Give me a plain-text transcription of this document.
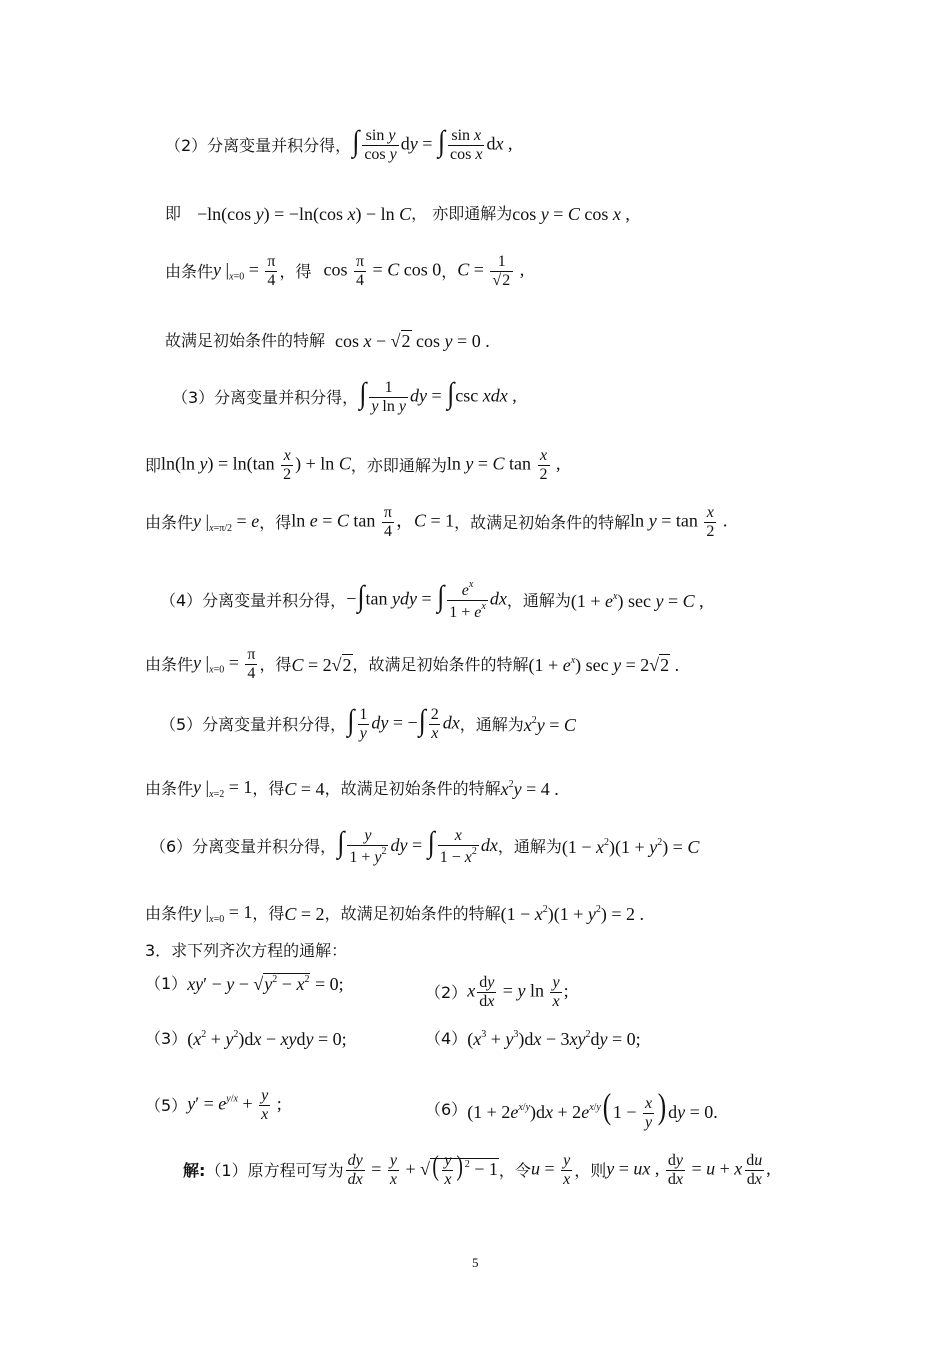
（2）分离变量并积分得， ∫ $\frac{\text{sin y}}{\text{cos y}}$ dy = ∫ $\frac{\text{sin x}}{\text{cos x}}$ dx ,
即 −ln(cos y) = −ln(cos x) − ln C ， 亦即通解为 cos y = C cos x ,
由条件 y $|_{x=0} = \frac{\pi}{4}$ ，得 $\cos \frac{\pi}{4} = C$ cos 0 ， $C = \frac{1}{√2}$ ,
故满足初始条件的特解 cos x − √2 cos y = 0 .
（3）分离变量并积分得， ∫ $\frac{1}{\text{y ln y}}$ dy = ∫csc xdx ,
即 ln(ln $y) = \ln(\tan \frac{x}{2}$ ) + ln C ，亦即通解为 ln y = C $\tan \frac{x}{2}$ ,
由条件 y $|_{x=\pi/2} = e$ ，得 ln e = C $\tan \frac{\pi}{4}$ ，C = 1 ，故满足初始条件的特解 $\ln y = \tan \frac{x}{2}$ .
（4）分离变量并积分得， −∫tan ydy = ∫ $\frac{e^x}{1 + e^x}$ dx ，通解为 $(1 + e^x)$ sec y = C ,
由条件 y $|_{x=0} = \frac{\pi}{4}$ ，得 C = 2√2 ，故满足初始条件的特解 $(1 + e^x)$ sec y = 2√2 .
（5）分离变量并积分得， ∫ $\frac{1}{y}$ dy = −∫ $\frac{2}{x}$ dx ，通解为 $x^2y = C$
由条件 y $|_{x=2} = 1$ ，得 C = 4 ，故满足初始条件的特解 $x^2y = 4$ .
（6）分离变量并积分得， ∫ $\frac{y}{1 + y^2}$ dy = ∫ $\frac{x}{1 - x^2}$ dx ，通解为 $(1 - x^2)(1 + y^2) = C$
由条件 y $|_{x=0} = 1$ ，得 C = 2 ，故满足初始条件的特解 $(1 - x^2)(1 + y^2) = 2$ .
3．求下列齐次方程的通解：
（1） $xy' - y - √y^2 - x^2 = 0$;	（2） x $\frac{dy}{dx} = y$ $\ln \frac{y}{x}$ ;
（3） $(x^2 + y^2)dx$ − xydy = 0;	（4） $(x^3 + y^3)dx - 3xy^2dy = 0$;
（5） $y' = e^{y/x} + \frac{y}{x}$ ;	（6） $(1 + 2e^{x/y})dx + 2e^{x/y}(1 - \frac{x}{y} )dy = 0$.
解: （1）原方程可写为 $\frac{dy}{dx} = \frac{y}{x}$ + √( $\frac{y}{x} )^2 - 1$ ，令 $u = \frac{y}{x}$ ，则 y = ux , $\frac{dy}{dx} = u + x \frac{du}{dx}$ ,
5
